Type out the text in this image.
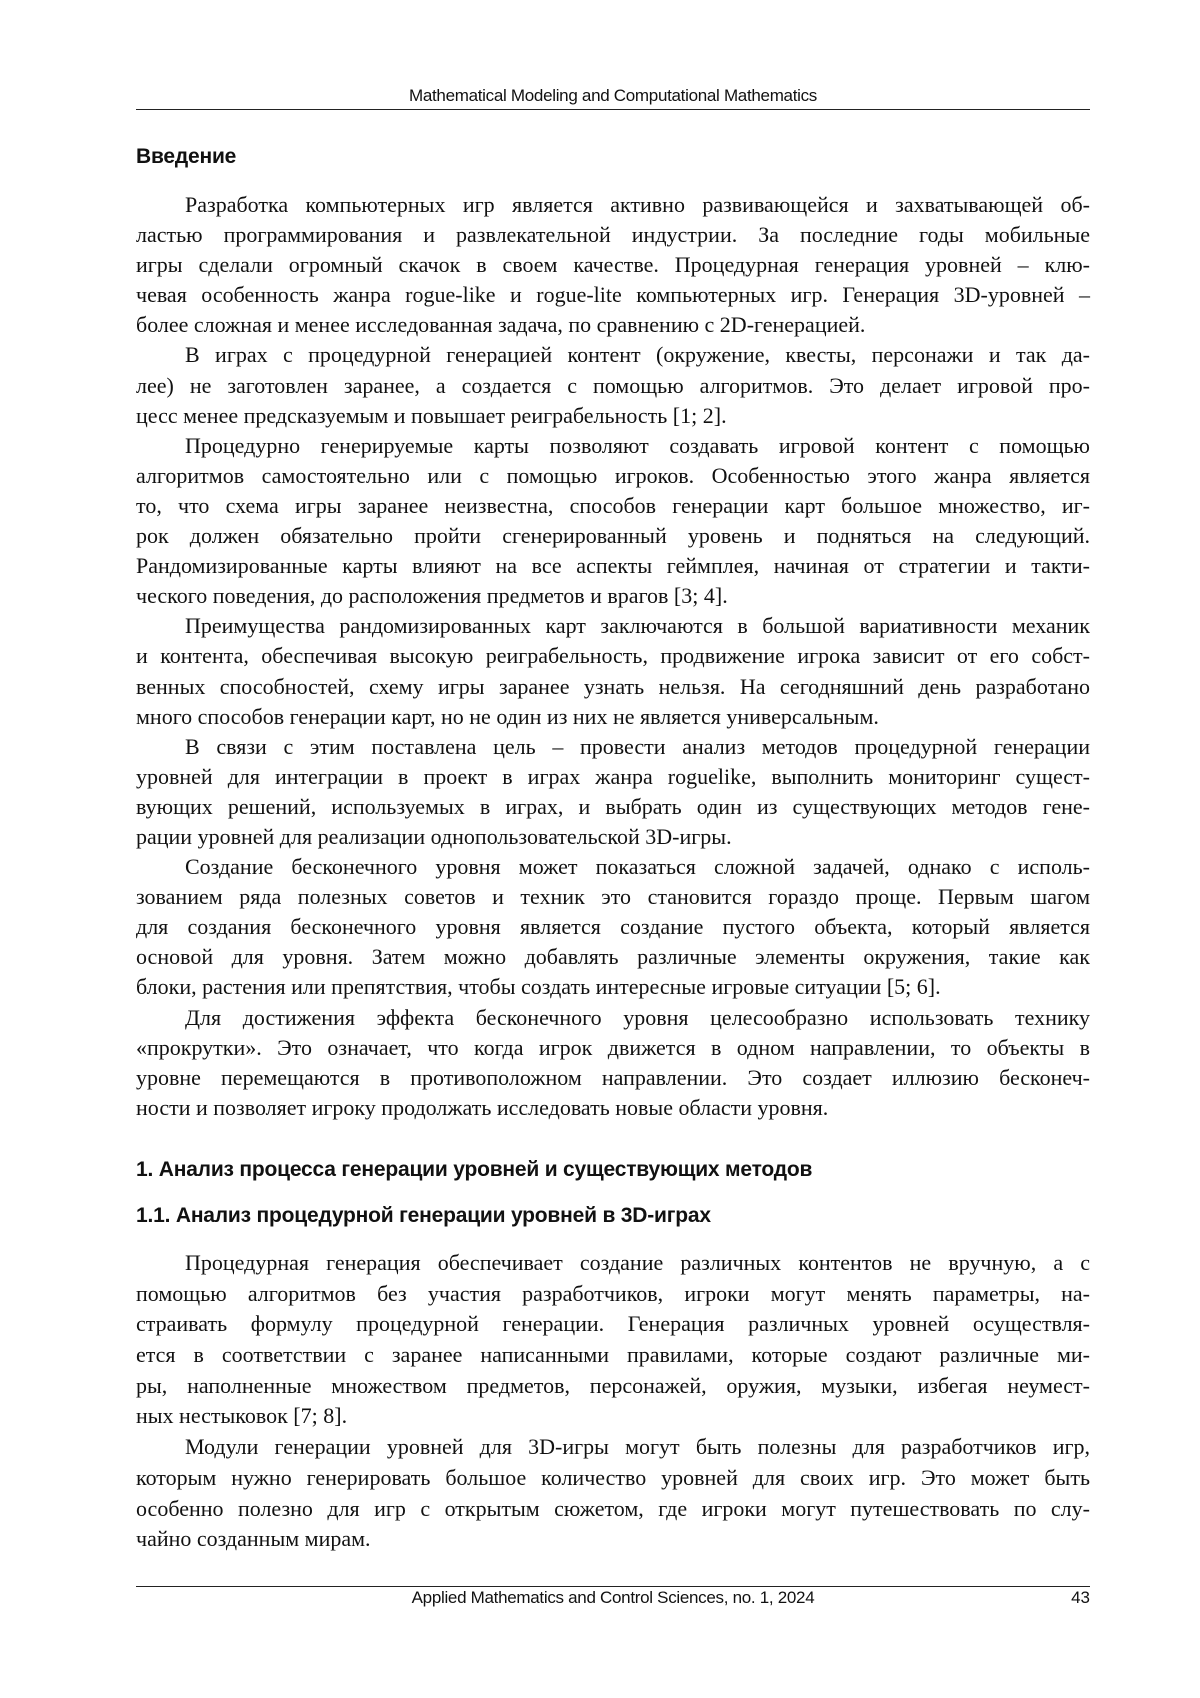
Mathematical Modeling and Computational Mathematics
Введение
Разработка компьютерных игр является активно развивающейся и захватывающей об-
ластью программирования и развлекательной индустрии. За последние годы мобильные
игры сделали огромный скачок в своем качестве. Процедурная генерация уровней – клю-
чевая особенность жанра rogue-like и rogue-lite компьютерных игр. Генерация 3D-уровней –
более сложная и менее исследованная задача, по сравнению с 2D-генерацией.
В играх с процедурной генерацией контент (окружение, квесты, персонажи и так да-
лее) не заготовлен заранее, а создается с помощью алгоритмов. Это делает игровой про-
цесс менее предсказуемым и повышает реиграбельность [1; 2].
Процедурно генерируемые карты позволяют создавать игровой контент с помощью
алгоритмов самостоятельно или с помощью игроков. Особенностью этого жанра является
то, что схема игры заранее неизвестна, способов генерации карт большое множество, иг-
рок должен обязательно пройти сгенерированный уровень и подняться на следующий.
Рандомизированные карты влияют на все аспекты геймплея, начиная от стратегии и такти-
ческого поведения, до расположения предметов и врагов [3; 4].
Преимущества рандомизированных карт заключаются в большой вариативности механик
и контента, обеспечивая высокую реиграбельность, продвижение игрока зависит от его собст-
венных способностей, схему игры заранее узнать нельзя. На сегодняшний день разработано
много способов генерации карт, но не один из них не является универсальным.
В связи с этим поставлена цель – провести анализ методов процедурной генерации
уровней для интеграции в проект в играх жанра roguelike, выполнить мониторинг сущест-
вующих решений, используемых в играх, и выбрать один из существующих методов гене-
рации уровней для реализации однопользовательской 3D-игры.
Создание бесконечного уровня может показаться сложной задачей, однако с исполь-
зованием ряда полезных советов и техник это становится гораздо проще. Первым шагом
для создания бесконечного уровня является создание пустого объекта, который является
основой для уровня. Затем можно добавлять различные элементы окружения, такие как
блоки, растения или препятствия, чтобы создать интересные игровые ситуации [5; 6].
Для достижения эффекта бесконечного уровня целесообразно использовать технику
«прокрутки». Это означает, что когда игрок движется в одном направлении, то объекты в
уровне перемещаются в противоположном направлении. Это создает иллюзию бесконеч-
ности и позволяет игроку продолжать исследовать новые области уровня.
1. Анализ процесса генерации уровней и существующих методов
1.1. Анализ процедурной генерации уровней в 3D-играх
Процедурная генерация обеспечивает создание различных контентов не вручную, а с
помощью алгоритмов без участия разработчиков, игроки могут менять параметры, на-
страивать формулу процедурной генерации. Генерация различных уровней осуществля-
ется в соответствии с заранее написанными правилами, которые создают различные ми-
ры, наполненные множеством предметов, персонажей, оружия, музыки, избегая неумест-
ных нестыковок [7; 8].
Модули генерации уровней для 3D-игры могут быть полезны для разработчиков игр,
которым нужно генерировать большое количество уровней для своих игр. Это может быть
особенно полезно для игр с открытым сюжетом, где игроки могут путешествовать по слу-
чайно созданным мирам.
Applied Mathematics and Control Sciences, no. 1, 2024	43
